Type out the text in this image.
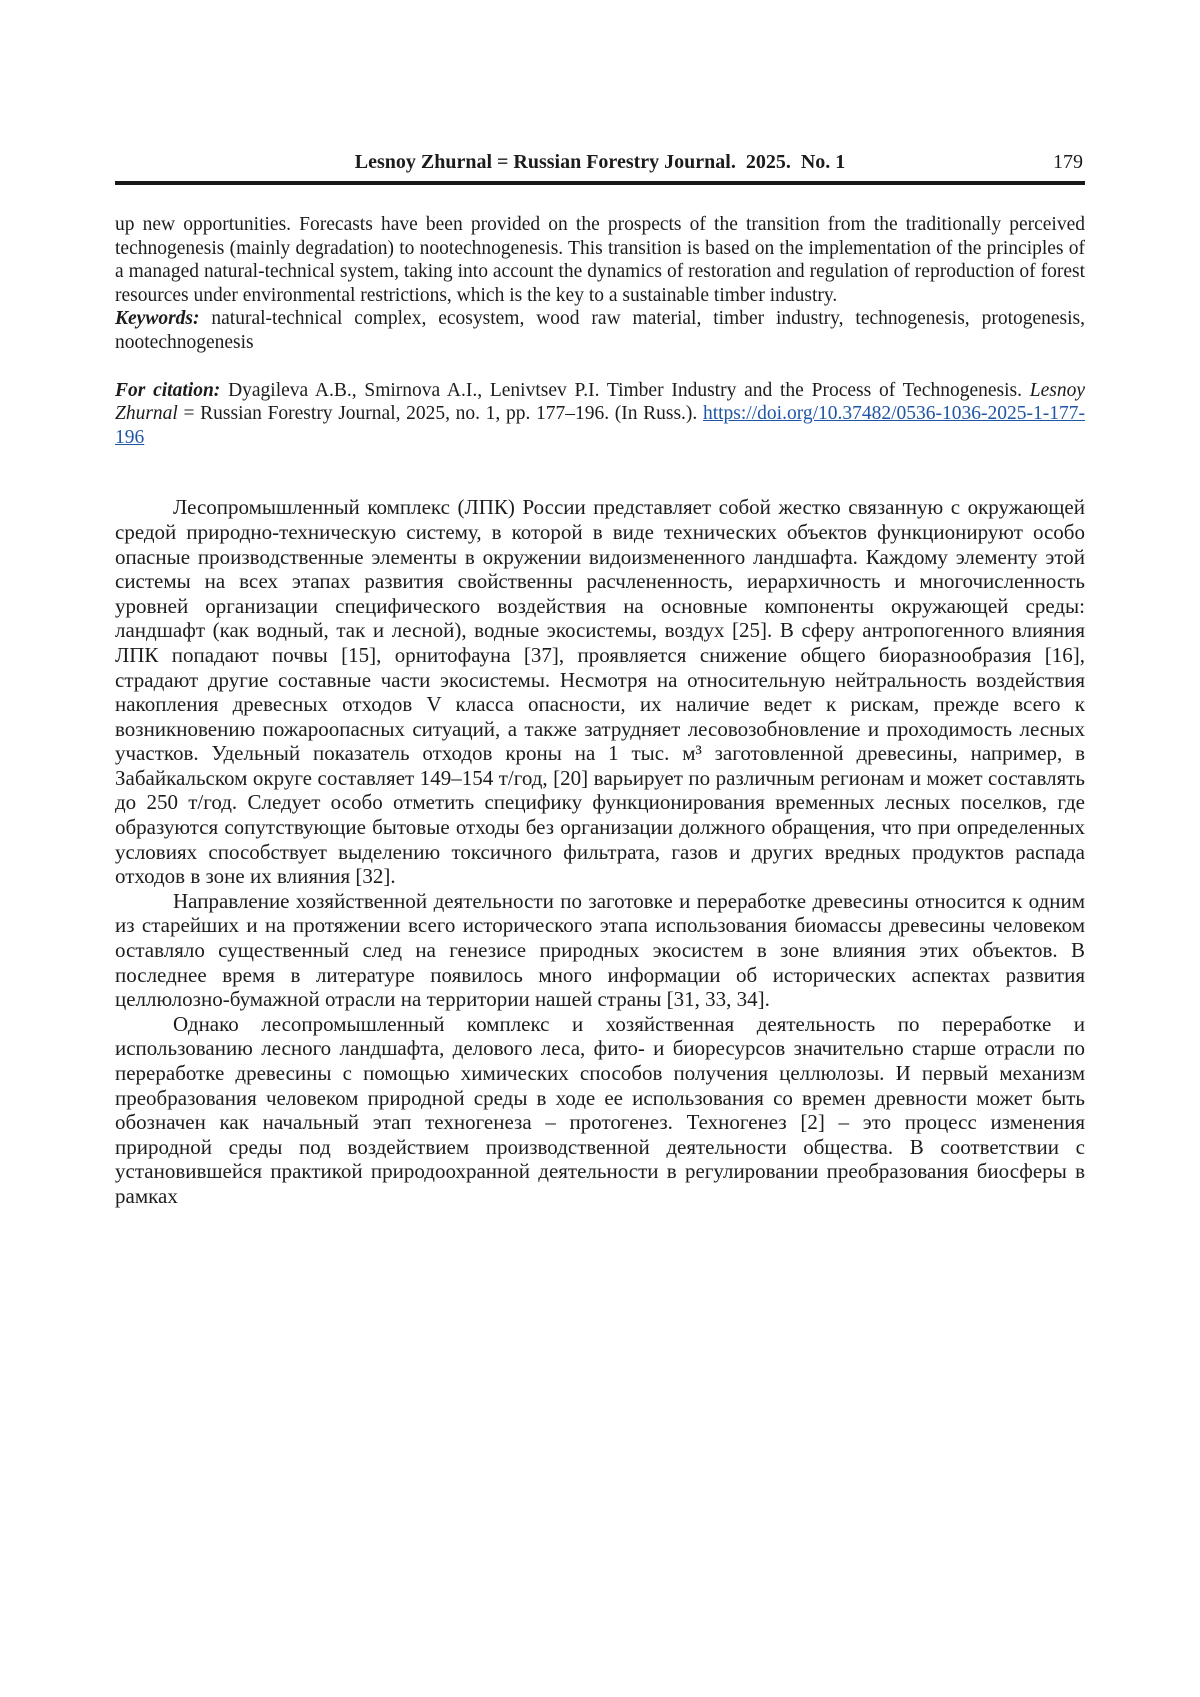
Lesnoy Zhurnal = Russian Forestry Journal.  2025.  No. 1	179

up new opportunities. Forecasts have been provided on the prospects of the transition from the traditionally perceived technogenesis (mainly degradation) to nootechnogenesis. This transition is based on the implementation of the principles of a managed natural-technical system, taking into account the dynamics of restoration and regulation of reproduction of forest resources under environmental restrictions, which is the key to a sustainable timber industry.

Keywords: natural-technical complex, ecosystem, wood raw material, timber industry, technogenesis, protogenesis, nootechnogenesis

For citation: Dyagileva A.B., Smirnova A.I., Lenivtsev P.I. Timber Industry and the Process of Technogenesis. Lesnoy Zhurnal = Russian Forestry Journal, 2025, no. 1, pp. 177–196. (In Russ.). https://doi.org/10.37482/0536-1036-2025-1-177-196

Лесопромышленный комплекс (ЛПК) России представляет собой жестко связанную с окружающей средой природно-техническую систему, в которой в виде технических объектов функционируют особо опасные производственные элементы в окружении видоизмененного ландшафта. Каждому элементу этой системы на всех этапах развития свойственны расчлененность, иерархичность и многочисленность уровней организации специфического воздействия на основные компоненты окружающей среды: ландшафт (как водный, так и лесной), водные экосистемы, воздух [25]. В сферу антропогенного влияния ЛПК попадают почвы [15], орнитофауна [37], проявляется снижение общего биоразнообразия [16], страдают другие составные части экосистемы. Несмотря на относительную нейтральность воздействия накопления древесных отходов V класса опасности, их наличие ведет к рискам, прежде всего к возникновению пожароопасных ситуаций, а также затрудняет лесовозобновление и проходимость лесных участков. Удельный показатель отходов кроны на 1 тыс. м³ заготовленной древесины, например, в Забайкальском округе составляет 149–154 т/год, [20] варьирует по различным регионам и может составлять до 250 т/год. Следует особо отметить специфику функционирования временных лесных поселков, где образуются сопутствующие бытовые отходы без организации должного обращения, что при определенных условиях способствует выделению токсичного фильтрата, газов и других вредных продуктов распада отходов в зоне их влияния [32].

Направление хозяйственной деятельности по заготовке и переработке древесины относится к одним из старейших и на протяжении всего исторического этапа использования биомассы древесины человеком оставляло существенный след на генезисе природных экосистем в зоне влияния этих объектов. В последнее время в литературе появилось много информации об исторических аспектах развития целлюлозно-бумажной отрасли на территории нашей страны [31, 33, 34].

Однако лесопромышленный комплекс и хозяйственная деятельность по переработке и использованию лесного ландшафта, делового леса, фито- и биоресурсов значительно старше отрасли по переработке древесины с помощью химических способов получения целлюлозы. И первый механизм преобразования человеком природной среды в ходе ее использования со времен древности может быть обозначен как начальный этап техногенеза – протогенез. Техногенез [2] – это процесс изменения природной среды под воздействием производственной деятельности общества. В соответствии с установившейся практикой природоохранной деятельности в регулировании преобразования биосферы в рамках
